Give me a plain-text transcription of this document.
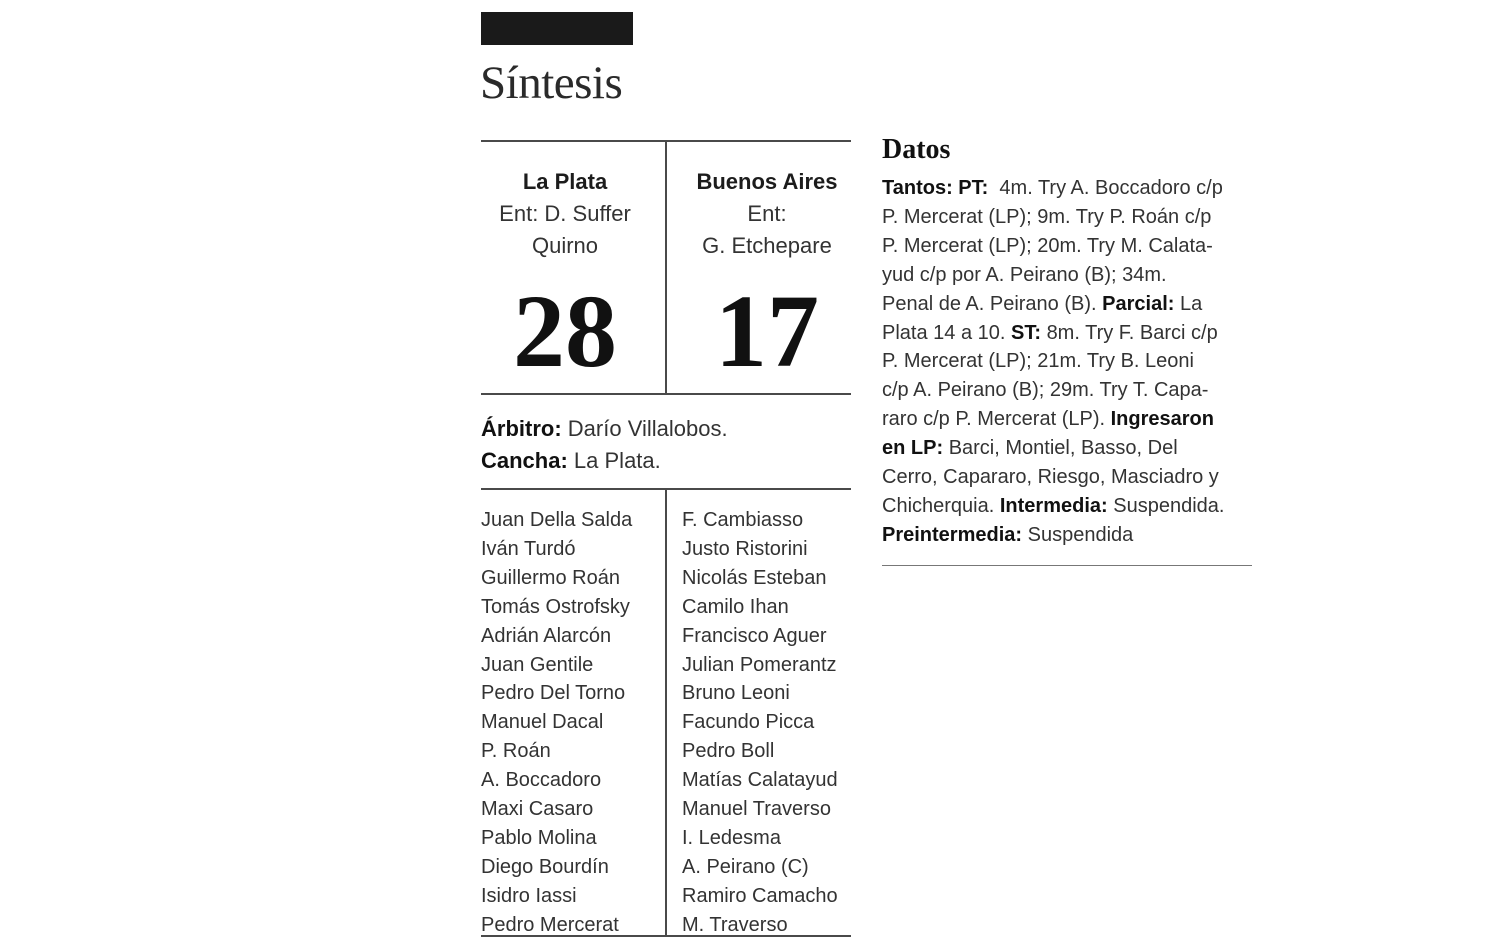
Síntesis
La Plata
Ent: D. Suffer
Quirno
28
Buenos Aires
Ent:
G. Etchepare
17
Árbitro: Darío Villalobos.
Cancha: La Plata.
Juan Della Salda
Iván Turdó
Guillermo Roán
Tomás Ostrofsky
Adrián Alarcón
Juan Gentile
Pedro Del Torno
Manuel Dacal
P. Roán
A. Boccadoro
Maxi Casaro
Pablo Molina
Diego Bourdín
Isidro Iassi
Pedro Mercerat
F. Cambiasso
Justo Ristorini
Nicolás Esteban
Camilo Ihan
Francisco Aguer
Julian Pomerantz
Bruno Leoni
Facundo Picca
Pedro Boll
Matías Calatayud
Manuel Traverso
I. Ledesma
A. Peirano (C)
Ramiro Camacho
M. Traverso
Datos
Tantos: PT: 4m. Try A. Boccadoro c/p
P. Mercerat (LP); 9m. Try P. Roán c/p
P. Mercerat (LP); 20m. Try M. Calata-
yud c/p por A. Peirano (B); 34m.
Penal de A. Peirano (B). Parcial: La
Plata 14 a 10. ST: 8m. Try F. Barci c/p
P. Mercerat (LP); 21m. Try B. Leoni
c/p A. Peirano (B); 29m. Try T. Capa-
raro c/p P. Mercerat (LP). Ingresaron
en LP: Barci, Montiel, Basso, Del
Cerro, Capararo, Riesgo, Masciadro y
Chicherquia. Intermedia: Suspendida.
Preintermedia: Suspendida
